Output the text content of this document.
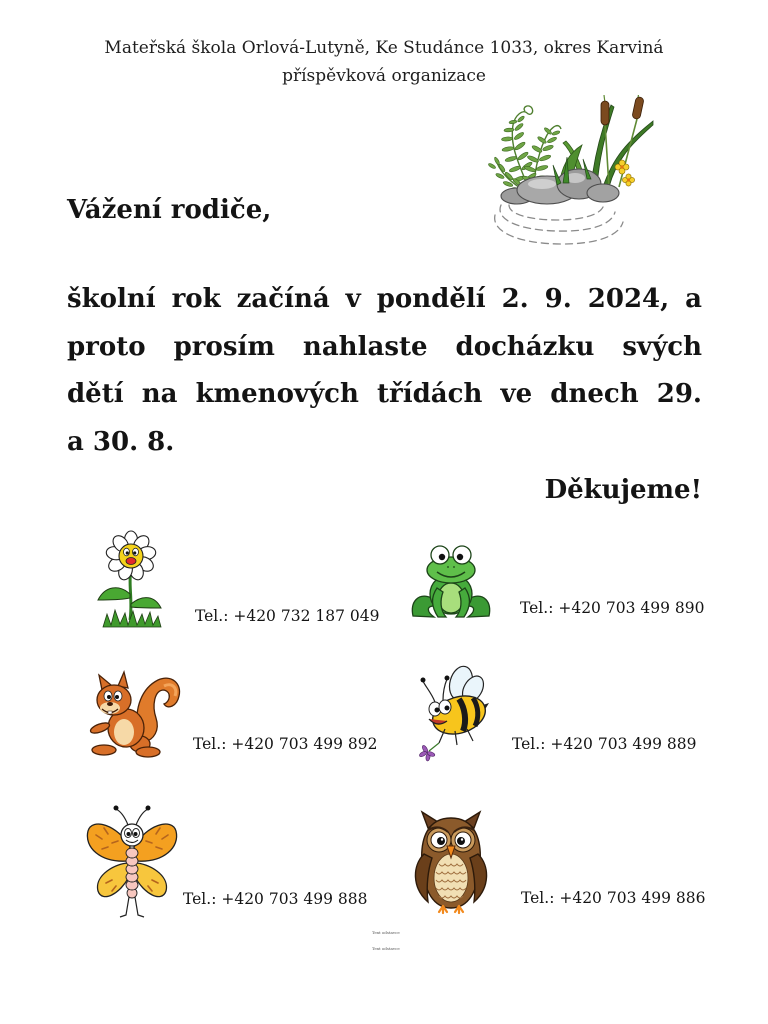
Mateřská škola Orlová-Lutyně, Ke Studánce 1033, okres Karviná
příspěvková organizace
Vážení rodiče,
školní rok začíná v pondělí 2. 9. 2024, a
proto prosím nahlaste docházku svých
dětí na kmenových třídách ve dnech 29.
a 30. 8.
Děkujeme!
Tel.: +420 732 187 049	Tel.: +420 703 499 890
Tel.: +420 703 499 892	Tel.: +420 703 499 889
Tel.: +420 703 499 888	Tel.: +420 703 499 886
Text odstavce
Text odstavce
